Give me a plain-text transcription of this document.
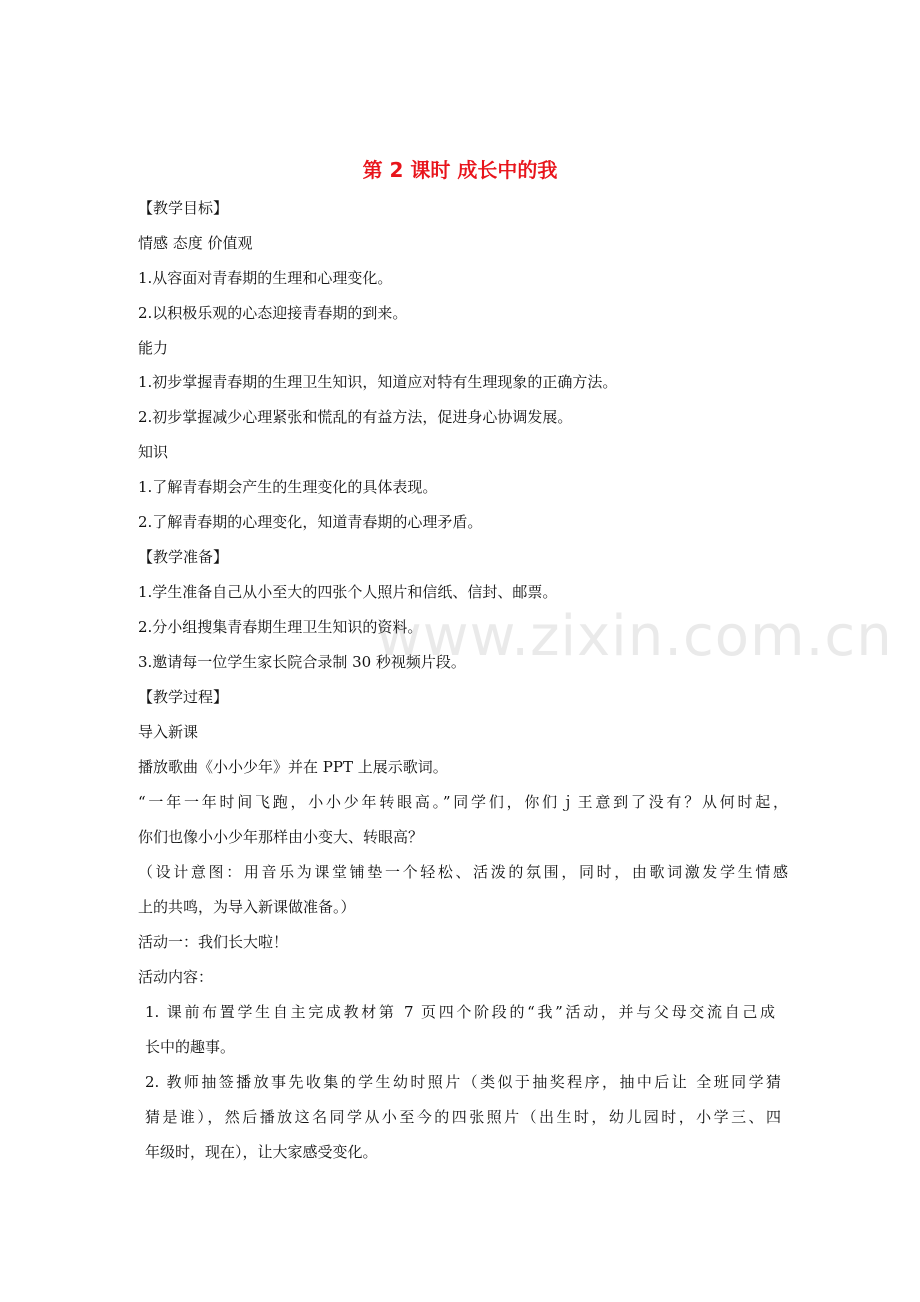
www.zixin.com.cn
第 2 课时 成长中的我
【教学目标】
情感 态度 价值观
1.从容面对青春期的生理和心理变化。
2.以积极乐观的心态迎接青春期的到来。
能力
1.初步掌握青春期的生理卫生知识，知道应对特有生理现象的正确方法。
2.初步掌握减少心理紧张和慌乱的有益方法，促进身心协调发展。
知识
1.了解青春期会产生的生理变化的具体表现。
2.了解青春期的心理变化，知道青春期的心理矛盾。
【教学准备】
1.学生准备自己从小至大的四张个人照片和信纸、信封、邮票。
2.分小组搜集青春期生理卫生知识的资料。
3.邀请每一位学生家长院合录制 30 秒视频片段。
【教学过程】
导入新课
播放歌曲《小小少年》并在 PPT 上展示歌词。
“一年一年时间飞跑，小小少年转眼高。”同学们，你们ｊ王意到了没有？从何时起，
你们也像小小少年那样由小变大、转眼高？
（设计意图：用音乐为课堂铺垫一个轻松、活泼的氛围，同时，由歌词激发学生情感
上的共鸣，为导入新课做准备。）
活动一：我们长大啦！
活动内容：
1. 课前布置学生自主完成教材第 7 页四个阶段的“我”活动，并与父母交流自己成
长中的趣事。
2. 教师抽签播放事先收集的学生幼时照片（类似于抽奖程序，抽中后让 全班同学猜
猜是谁），然后播放这名同学从小至今的四张照片（出生时，幼儿园时，小学三、四
年级时，现在），让大家感受变化。
